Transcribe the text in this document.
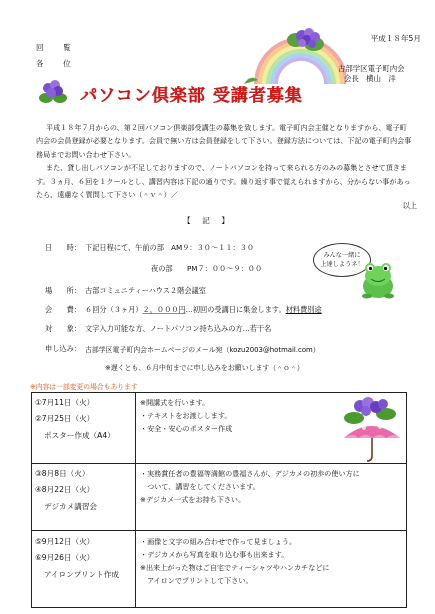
平成１８年5月
回　覧
各　位
古部学区電子町内会
会長　横山　洋
パソコン倶楽部 受講者募集
平成１８年７月からの、第２回パソコン倶楽部受講生の募集を致します。電子町内会主催となりますから、電子町内会の会員登録が必要となります。会員で無い方は会員登録をして下さい。登録方法については、下記の電子町内会事務局までお問い合わせ下さい。
また、貸し出しパソコンが不足しておりますので、ノートパソコンを持って来られる方のみの募集とさせて頂きます。３ヵ月、６回を１クールとし、講習内容は下記の通りです。繰り返す事で覚えられますから、分からない事があったら、遠慮なく質問して下さい（＾ｖ＾）／
以上
【　記　】
みんな一緒に
上達しようネ！
日　　時： 下記日程にて、午前の部　AM９：３０～１１：３０
夜の部　　PM７：００～９：００
場　　所： 古部コミュニティーハウス２階会議室
会　　費： ６回分（３ヶ月）２，０００円…初回の受講日に集金します。材料費別途
対　　象： 文字入力可能な方、ノートパソコン持ち込みの方…若干名
申し込み： 古部学区電子町内会ホームページのメール宛（kozu2003@hotmail.com）
※遅くとも、６月中旬までに申し込みをお願いします（＾ｏ＾）
※内容は一部変更の場合もあります
①7月11日（火）
②7月25日（火）
ポスター作成（A4）
※開講式を行います。
・テキストをお渡しします。
・安全・安心のポスター作成
③8月8日（火）
④8月22日（火）
デジカメ講習会
・実務賞任者の豊福等満館の豊福さんが、デジカメの初歩の使い方に
　ついて、講習をしてくださいます。
※デジカメ一式をお持ち下さい。
⑤9月12日（火）
⑥9月26日（火）
アイロンプリント作成
・画像と文字の組み合わせで作って見ましょう。
・デジカメから写真を取り込む事も出来ます。
※出来上がった物はご自宅でティーシャツやハンカチなどに
　アイロンでプリントして下さい。
